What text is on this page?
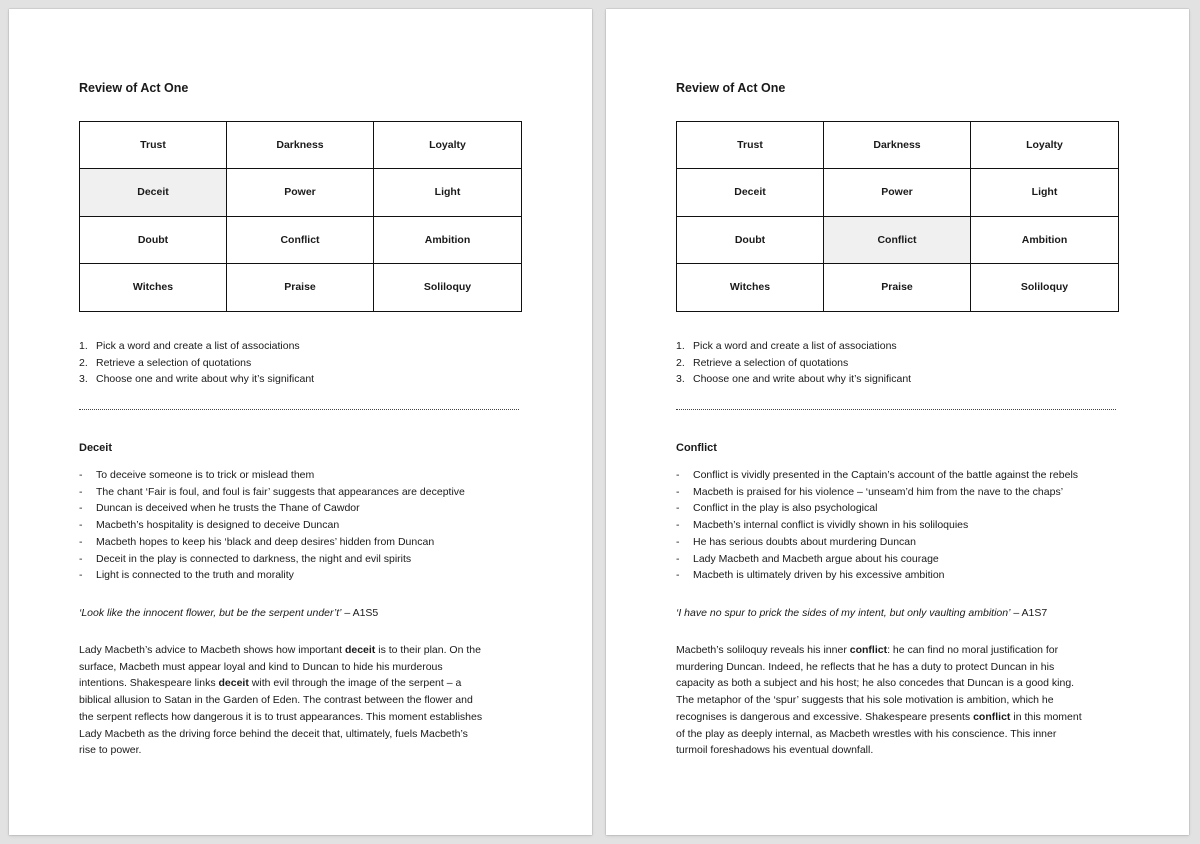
Review of Act One
Trust	Darkness	Loyalty
Deceit	Power	Light
Doubt	Conflict	Ambition
Witches	Praise	Soliloquy
1. Pick a word and create a list of associations
2. Retrieve a selection of quotations
3. Choose one and write about why it’s significant
Deceit
-	To deceive someone is to trick or mislead them
-	The chant ‘Fair is foul, and foul is fair’ suggests that appearances are deceptive
-	Duncan is deceived when he trusts the Thane of Cawdor
-	Macbeth’s hospitality is designed to deceive Duncan
-	Macbeth hopes to keep his ‘black and deep desires’ hidden from Duncan
-	Deceit in the play is connected to darkness, the night and evil spirits
-	Light is connected to the truth and morality
‘Look like the innocent flower, but be the serpent under’t’ – A1S5
Lady Macbeth’s advice to Macbeth shows how important deceit is to their plan. On the
surface, Macbeth must appear loyal and kind to Duncan to hide his murderous
intentions. Shakespeare links deceit with evil through the image of the serpent – a
biblical allusion to Satan in the Garden of Eden. The contrast between the flower and
the serpent reflects how dangerous it is to trust appearances. This moment establishes
Lady Macbeth as the driving force behind the deceit that, ultimately, fuels Macbeth’s
rise to power.
Review of Act One
Trust	Darkness	Loyalty
Deceit	Power	Light
Doubt	Conflict	Ambition
Witches	Praise	Soliloquy
1. Pick a word and create a list of associations
2. Retrieve a selection of quotations
3. Choose one and write about why it’s significant
Conflict
-	Conflict is vividly presented in the Captain’s account of the battle against the rebels
-	Macbeth is praised for his violence – ‘unseam’d him from the nave to the chaps’
-	Conflict in the play is also psychological
-	Macbeth’s internal conflict is vividly shown in his soliloquies
-	He has serious doubts about murdering Duncan
-	Lady Macbeth and Macbeth argue about his courage
-	Macbeth is ultimately driven by his excessive ambition
‘I have no spur to prick the sides of my intent, but only vaulting ambition’ – A1S7
Macbeth’s soliloquy reveals his inner conflict: he can find no moral justification for
murdering Duncan. Indeed, he reflects that he has a duty to protect Duncan in his
capacity as both a subject and his host; he also concedes that Duncan is a good king.
The metaphor of the ‘spur’ suggests that his sole motivation is ambition, which he
recognises is dangerous and excessive. Shakespeare presents conflict in this moment
of the play as deeply internal, as Macbeth wrestles with his conscience. This inner
turmoil foreshadows his eventual downfall.
